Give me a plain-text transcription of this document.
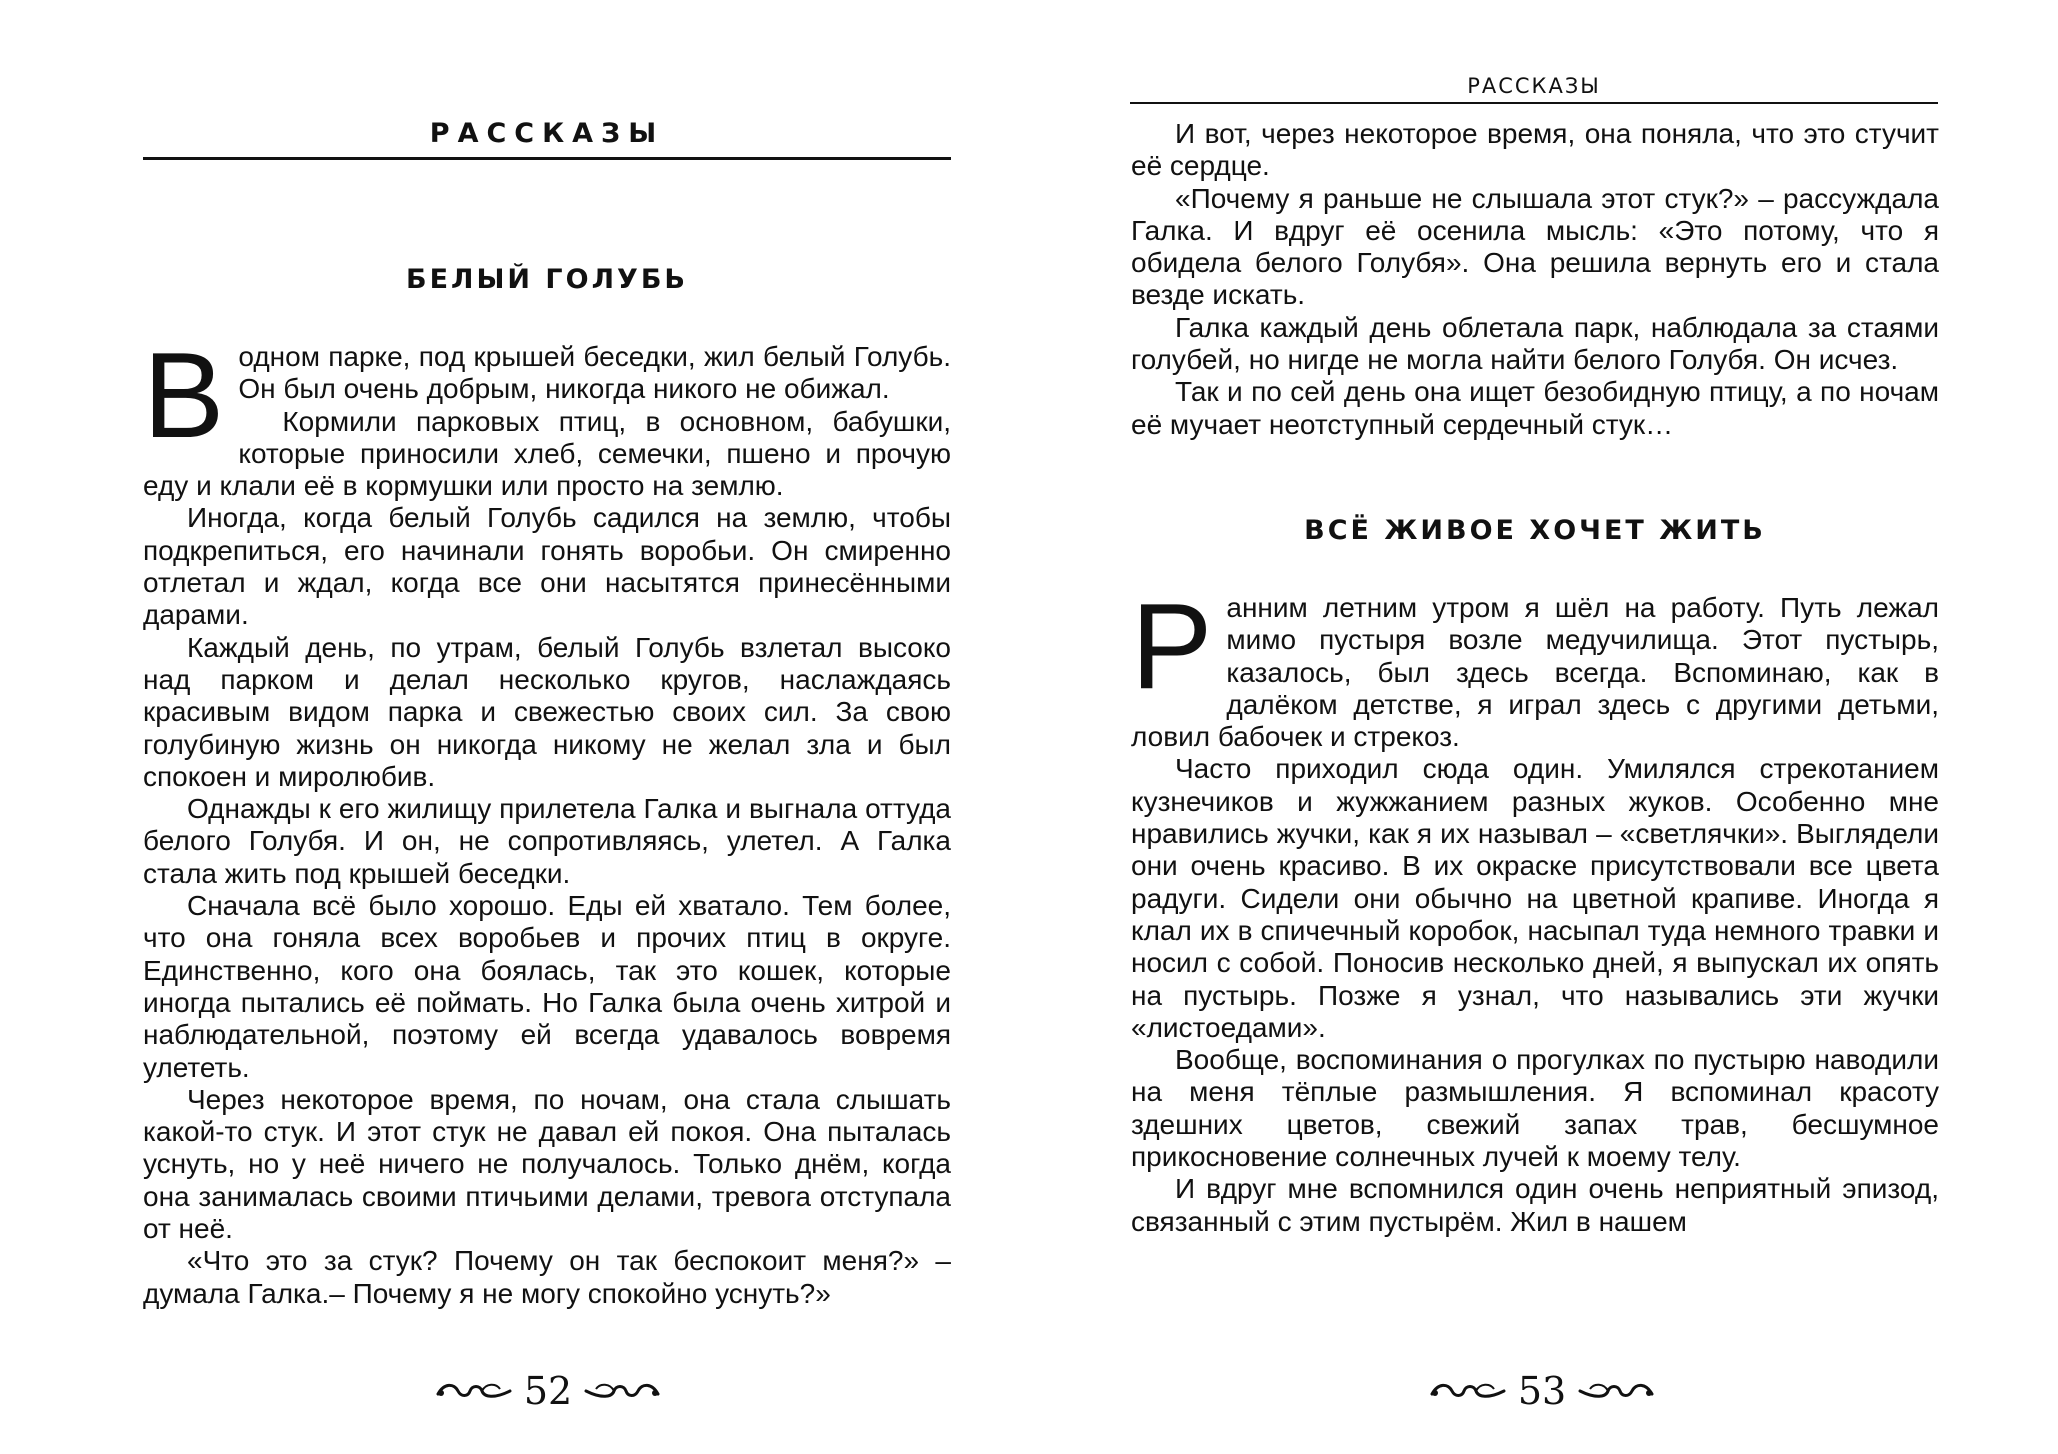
РАССКАЗЫ
БЕЛЫЙ ГОЛУБЬ

Водном парке, под крышей беседки, жил белый Голубь. Он был очень добрым, никогда никого не обижал.

Кормили парковых птиц, в основном, бабушки, которые приносили хлеб, семечки, пшено и прочую еду и клали её в кормушки или просто на землю.

Иногда, когда белый Голубь садился на землю, чтобы подкрепиться, его начинали гонять воробьи. Он смиренно отлетал и ждал, когда все они насытятся принесёнными дарами.

Каждый день, по утрам, белый Голубь взлетал высоко над парком и делал несколько кругов, наслаждаясь красивым видом парка и свежестью своих сил. За свою голубиную жизнь он никогда никому не желал зла и был спокоен и миролюбив.

Однажды к его жилищу прилетела Галка и выгнала оттуда белого Голубя. И он, не сопротивляясь, улетел. А Галка стала жить под крышей беседки.

Сначала всё было хорошо. Еды ей хватало. Тем более, что она гоняла всех воробьев и прочих птиц в округе. Единственно, кого она боялась, так это кошек, которые иногда пытались её поймать. Но Галка была очень хитрой и наблюдательной, поэтому ей всегда удавалось вовремя улететь.

Через некоторое время, по ночам, она стала слышать какой-то стук. И этот стук не давал ей покоя. Она пыталась уснуть, но у неё ничего не получалось. Только днём, когда она занималась своими птичьими делами, тревога отступала от неё.

«Что это за стук? Почему он так беспокоит меня?» – думала Галка.– Почему я не могу спокойно уснуть?»

52
РАССКАЗЫ

И вот, через некоторое время, она поняла, что это стучит её сердце.

«Почему я раньше не слышала этот стук?» – рассуждала Галка. И вдруг её осенила мысль: «Это потому, что я обидела белого Голубя». Она решила вернуть его и стала везде искать.

Галка каждый день облетала парк, наблюдала за стаями голубей, но нигде не могла найти белого Голубя. Он исчез.

Так и по сей день она ищет безобидную птицу, а по ночам её мучает неотступный сердечный стук…

ВСЁ ЖИВОЕ ХОЧЕТ ЖИТЬ

Ранним летним утром я шёл на работу. Путь лежал мимо пустыря возле медучилища. Этот пустырь, казалось, был здесь всегда. Вспоминаю, как в далёком детстве, я играл здесь с другими детьми, ловил бабочек и стрекоз.

Часто приходил сюда один. Умилялся стрекотанием кузнечиков и жужжанием разных жуков. Особенно мне нравились жучки, как я их называл – «светлячки». Выглядели они очень красиво. В их окраске присутствовали все цвета радуги. Сидели они обычно на цветной крапиве. Иногда я клал их в спичечный коробок, насыпал туда немного травки и носил с собой. Поносив несколько дней, я выпускал их опять на пустырь. Позже я узнал, что назывались эти жучки «листоедами».

Вообще, воспоминания о прогулках по пустырю наводили на меня тёплые размышления. Я вспоминал красоту здешних цветов, свежий запах трав, бесшумное прикосновение солнечных лучей к моему телу.

И вдруг мне вспомнился один очень неприятный эпизод, связанный с этим пустырём. Жил в нашем

53
